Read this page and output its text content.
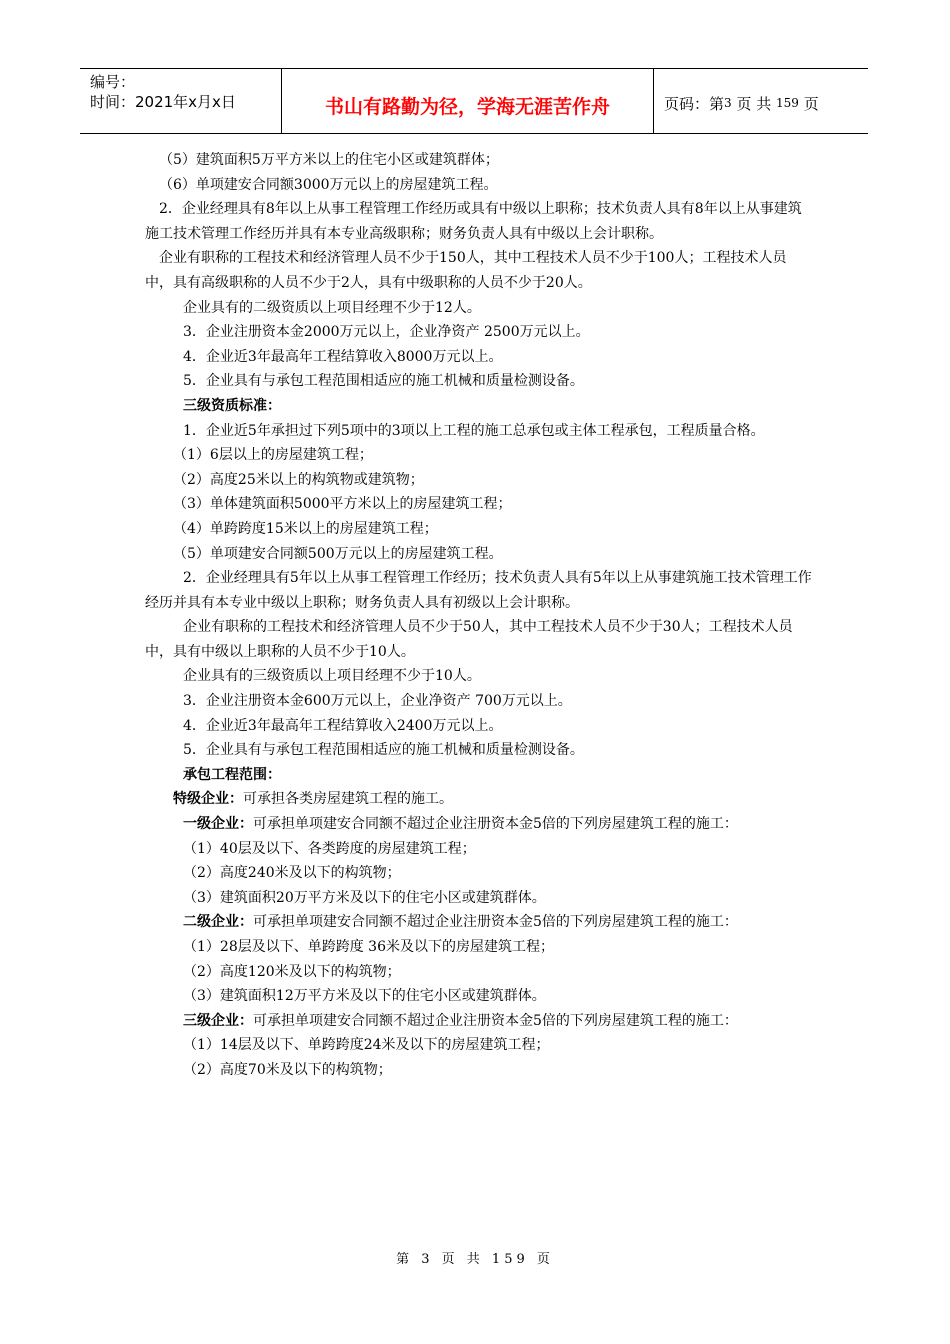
编号：
时间：2021年x月x日	书山有路勤为径，学海无涯苦作舟	页码：第 3
页 共
159
页

（5）建筑面积5万平方米以上的住宅小区或建筑群体；

（6）单项建安合同额3000万元以上的房屋建筑工程。

2．企业经理具有8年以上从事工程管理工作经历或具有中级以上职称；技术负责人具有8年以上从事建筑施工技术管理工作经历并具有本专业高级职称；财务负责人具有中级以上会计职称。

企业有职称的工程技术和经济管理人员不少于150人，其中工程技术人员不少于100人；工程技术人员中，具有高级职称的人员不少于2人，具有中级职称的人员不少于20人。

企业具有的二级资质以上项目经理不少于12人。

3．企业注册资本金2000万元以上，企业净资产 2500万元以上。

4．企业近3年最高年工程结算收入8000万元以上。

5．企业具有与承包工程范围相适应的施工机械和质量检测设备。

三级资质标准：

1．企业近5年承担过下列5项中的3项以上工程的施工总承包或主体工程承包，工程质量合格。

（1）6层以上的房屋建筑工程；

（2）高度25米以上的构筑物或建筑物；

（3）单体建筑面积5000平方米以上的房屋建筑工程；

（4）单跨跨度15米以上的房屋建筑工程；

（5）单项建安合同额500万元以上的房屋建筑工程。

2．企业经理具有5年以上从事工程管理工作经历；技术负责人具有5年以上从事建筑施工技术管理工作经历并具有本专业中级以上职称；财务负责人具有初级以上会计职称。

企业有职称的工程技术和经济管理人员不少于50人，其中工程技术人员不少于30人；工程技术人员中，具有中级以上职称的人员不少于10人。

企业具有的三级资质以上项目经理不少于10人。

3．企业注册资本金600万元以上，企业净资产 700万元以上。

4．企业近3年最高年工程结算收入2400万元以上。

5．企业具有与承包工程范围相适应的施工机械和质量检测设备。

承包工程范围：

特级企业：可承担各类房屋建筑工程的施工。

一级企业：可承担单项建安合同额不超过企业注册资本金5倍的下列房屋建筑工程的施工：

（1）40层及以下、各类跨度的房屋建筑工程；

（2）高度240米及以下的构筑物；

（3）建筑面积20万平方米及以下的住宅小区或建筑群体。

二级企业：可承担单项建安合同额不超过企业注册资本金5倍的下列房屋建筑工程的施工：

（1）28层及以下、单跨跨度 36米及以下的房屋建筑工程；

（2）高度120米及以下的构筑物；

（3）建筑面积12万平方米及以下的住宅小区或建筑群体。

三级企业：可承担单项建安合同额不超过企业注册资本金5倍的下列房屋建筑工程的施工：

（1）14层及以下、单跨跨度24米及以下的房屋建筑工程；

（2）高度70米及以下的构筑物；

第 3 页 共 159 页
